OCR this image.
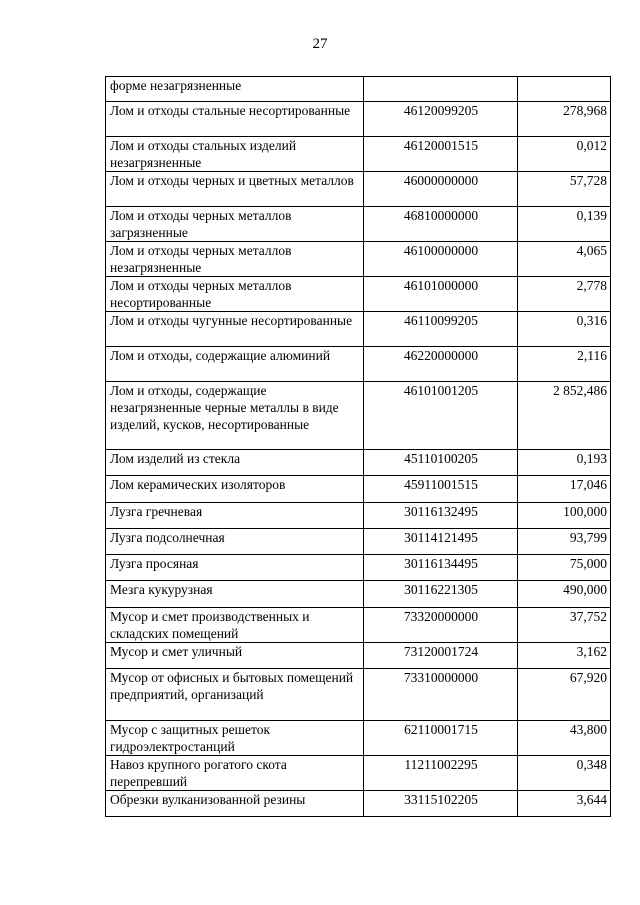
27
форме незагрязненные		
Лом и отходы стальные несортированные	46120099205	278,968
Лом и отходы стальных изделий незагрязненные	46120001515	0,012
Лом и отходы черных и цветных металлов	46000000000	57,728
Лом и отходы черных металлов загрязненные	46810000000	0,139
Лом и отходы черных металлов незагрязненные	46100000000	4,065
Лом и отходы черных металлов несортированные	46101000000	2,778
Лом и отходы чугунные несортированные	46110099205	0,316
Лом и отходы, содержащие алюминий	46220000000	2,116
Лом и отходы, содержащие незагрязненные черные металлы в виде изделий, кусков, несортированные	46101001205	2 852,486
Лом изделий из стекла	45110100205	0,193
Лом керамических изоляторов	45911001515	17,046
Лузга гречневая	30116132495	100,000
Лузга подсолнечная	30114121495	93,799
Лузга просяная	30116134495	75,000
Мезга кукурузная	30116221305	490,000
Мусор и смет производственных и складских помещений	73320000000	37,752
Мусор и смет уличный	73120001724	3,162
Мусор от офисных и бытовых помещений предприятий, организаций	73310000000	67,920
Мусор с защитных решеток гидроэлектростанций	62110001715	43,800
Навоз крупного рогатого скота перепревший	11211002295	0,348
Обрезки вулканизованной резины	33115102205	3,644
